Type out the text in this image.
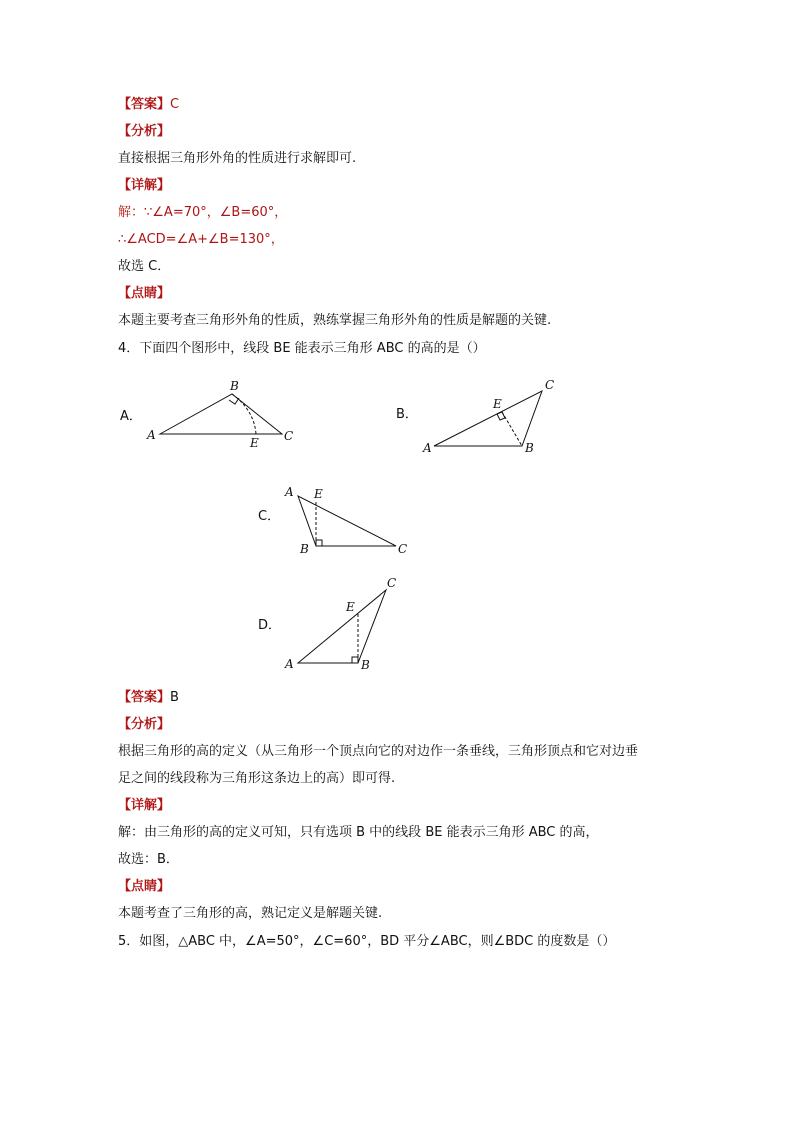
【答案】C
【分析】
直接根据三角形外角的性质进行求解即可.
【详解】
解：∵∠A=70°，∠B=60°，
∴∠ACD=∠A+∠B=130°，
故选 C．
【点睛】
本题主要考查三角形外角的性质，熟练掌握三角形外角的性质是解题的关键.
4．下面四个图形中，线段 BE 能表示三角形 ABC 的高的是（）
A．	B．
C．
D．
A
B
C
E	A	B
C
E
A
B	C
E
A	B
C
E
【答案】B
【分析】
根据三角形的高的定义（从三角形一个顶点向它的对边作一条垂线，三角形顶点和它对边垂
足之间的线段称为三角形这条边上的高）即可得.
【详解】
解：由三角形的高的定义可知，只有选项 B 中的线段 BE 能表示三角形 ABC 的高，
故选：B．
【点睛】
本题考查了三角形的高，熟记定义是解题关键.
5．如图，△ABC 中，∠A=50°，∠C=60°，BD 平分∠ABC，则∠BDC 的度数是（）
